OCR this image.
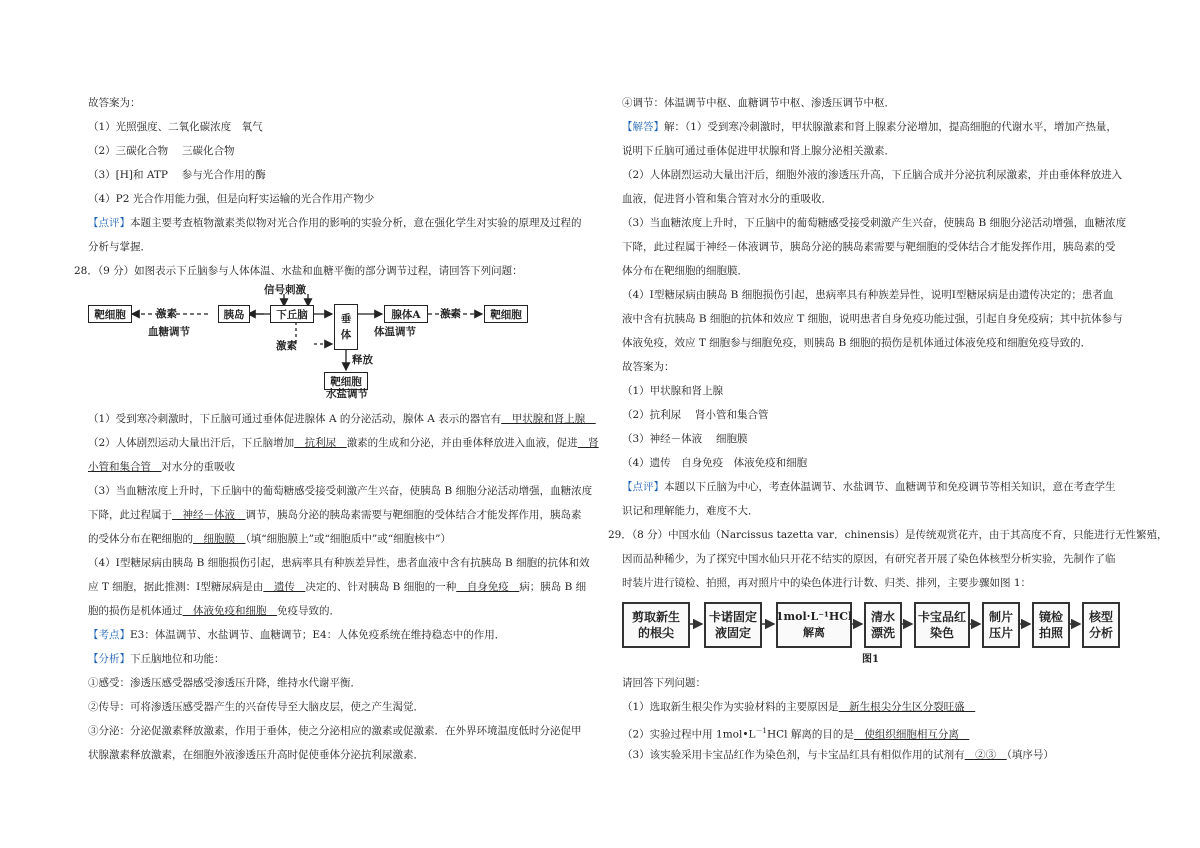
故答案为：
（1）光照强度、二氧化碳浓度　氧气
（2）三碳化合物　 三碳化合物
（3）[H]和 ATP　 参与光合作用的酶
（4）P2 光合作用能力强，但是向籽实运输的光合作用产物少
【点评】本题主要考查植物激素类似物对光合作用的影响的实验分析，意在强化学生对实验的原理及过程的
分析与掌握．
28．（9 分）如图表示下丘脑参与人体体温、水盐和血糖平衡的部分调节过程，请回答下列问题：
靶细胞	激素
血糖调节
胰岛
信号刺激
下丘脑
激素
垂
体
腺体A	激素	靶细胞
体温调节
释放
靶细胞
水盐调节
（1）受到寒冷刺激时，下丘脑可通过垂体促进腺体 A 的分泌活动，腺体 A 表示的器官有　甲状腺和肾上腺　
（2）人体剧烈运动大量出汗后，下丘脑增加　抗利尿　激素的生成和分泌，并由垂体释放进入血液，促进　肾
小管和集合管　对水分的重吸收
（3）当血糖浓度上升时，下丘脑中的葡萄糖感受接受刺激产生兴奋，使胰岛 B 细胞分泌活动增强，血糖浓度
下降，此过程属于　神经－体液　调节，胰岛分泌的胰岛素需要与靶细胞的受体结合才能发挥作用，胰岛素
的受体分布在靶细胞的　细胞膜　（填“细胞膜上”或“细胞质中”或“细胞核中”）
（4）Ⅰ型糖尿病由胰岛 B 细胞损伤引起，患病率具有种族差异性，患者血液中含有抗胰岛 B 细胞的抗体和效
应 T 细胞，据此推测：Ⅰ型糖尿病是由　遗传　决定的、针对胰岛 B 细胞的一种　自身免疫　病；胰岛 B 细
胞的损伤是机体通过　体液免疫和细胞　免疫导致的．
【考点】E3：体温调节、水盐调节、血糖调节；E4：人体免疫系统在维持稳态中的作用．
【分析】下丘脑地位和功能：
①感受：渗透压感受器感受渗透压升降，维持水代谢平衡．
②传导：可将渗透压感受器产生的兴奋传导至大脑皮层，使之产生渴觉．
③分泌：分泌促激素释放激素，作用于垂体，使之分泌相应的激素或促激素．在外界环境温度低时分泌促甲
状腺激素释放激素，在细胞外液渗透压升高时促使垂体分泌抗利尿激素．
④调节：体温调节中枢、血糖调节中枢、渗透压调节中枢．
【解答】解：（1）受到寒冷刺激时，甲状腺激素和肾上腺素分泌增加，提高细胞的代谢水平，增加产热量，
说明下丘脑可通过垂体促进甲状腺和肾上腺分泌相关激素．
（2）人体剧烈运动大量出汗后，细胞外液的渗透压升高，下丘脑合成并分泌抗利尿激素，并由垂体释放进入
血液，促进肾小管和集合管对水分的重吸收．
（3）当血糖浓度上升时，下丘脑中的葡萄糖感受接受刺激产生兴奋，使胰岛 B 细胞分泌活动增强，血糖浓度
下降，此过程属于神经－体液调节，胰岛分泌的胰岛素需要与靶细胞的受体结合才能发挥作用，胰岛素的受
体分布在靶细胞的细胞膜．
（4）Ⅰ型糖尿病由胰岛 B 细胞损伤引起，患病率具有种族差异性，说明Ⅰ型糖尿病是由遗传决定的；患者血
液中含有抗胰岛 B 细胞的抗体和效应 T 细胞，说明患者自身免疫功能过强，引起自身免疫病；其中抗体参与
体液免疫，效应 T 细胞参与细胞免疫，则胰岛 B 细胞的损伤是机体通过体液免疫和细胞免疫导致的．
故答案为：
（1）甲状腺和肾上腺
（2）抗利尿　 肾小管和集合管
（3）神经－体液　 细胞膜
（4）遗传　自身免疫　体液免疫和细胞
【点评】本题以下丘脑为中心，考查体温调节、水盐调节、血糖调节和免疫调节等相关知识，意在考查学生
识记和理解能力，难度不大．
29．（8 分）中国水仙（Narcissus tazetta var．chinensis）是传统观赏花卉，由于其高度不育，只能进行无性繁殖，
因而品种稀少，为了探究中国水仙只开花不结实的原因，有研究者开展了染色体核型分析实验，先制作了临
时装片进行镜检、拍照，再对照片中的染色体进行计数、归类、排列，主要步骤如图 1：
剪取新生
的根尖
卡诺固定
液固定
1mol·L⁻¹HCl
解离
清水
漂洗
卡宝品红
染色
制片
压片
镜检
拍照
核型
分析
图1
请回答下列问题：
（1）选取新生根尖作为实验材料的主要原因是　新生根尖分生区分裂旺盛　
（2）实验过程中用 $1mol•L^{-1}HCl$ 解离的目的是　使组织细胞相互分离　
（3）该实验采用卡宝品红作为染色剂，与卡宝品红具有相似作用的试剂有　②③　（填序号）
